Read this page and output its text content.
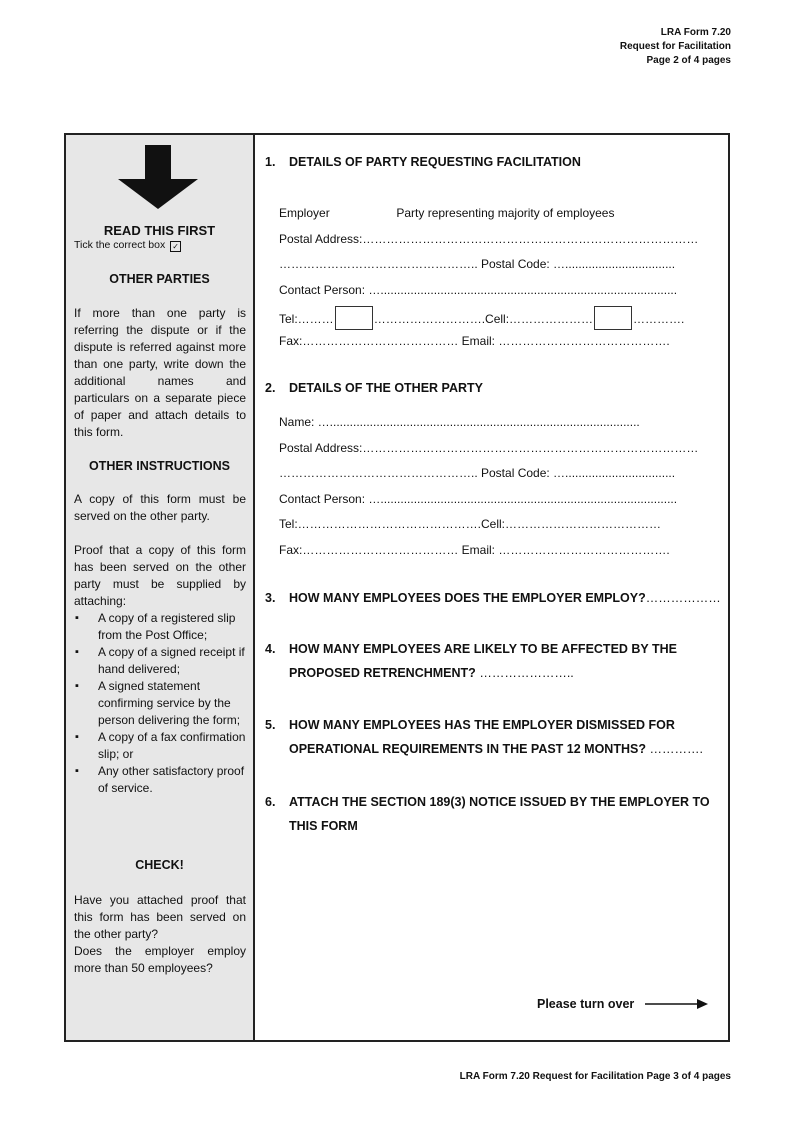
LRA Form 7.20
Request for Facilitation
Page 2 of 4 pages
READ THIS FIRST
Tick the correct box ✓
OTHER PARTIES
If more than one party is referring the dispute or if the dispute is referred against more than one party, write down the additional names and particulars on a separate piece of paper and attach details to this form.
OTHER INSTRUCTIONS
A copy of this form must be served on the other party.
Proof that a copy of this form has been served on the other party must be supplied by attaching:
▪ A copy of a registered slip from the Post Office;
▪ A copy of a signed receipt if hand delivered;
▪ A signed statement confirming service by the person delivering the form;
▪ A copy of a fax confirmation slip; or
▪ Any other satisfactory proof of service.
CHECK!
Have you attached proof that this form has been served on the other party?
Does the employer employ more than 50 employees?
1. DETAILS OF PARTY REQUESTING FACILITATION
Employer	Party representing majority of employees
Postal Address:…………………………………………………………………………
………………………………………….. Postal Code: ….................................
Contact Person: ….........................................................................................
Tel:………	……………………….Cell:…………………	………….
Fax:………………………………… Email: …………………………………….
2. DETAILS OF THE OTHER PARTY
Name: ….............................................................................................
Postal Address:…………………………………………………………………………
………………………………………….. Postal Code: ….................................
Contact Person: ….........................................................................................
Tel:……………………………………….Cell:…………………………………
Fax:………………………………… Email: …………………………………….
3. HOW MANY EMPLOYEES DOES THE EMPLOYER EMPLOY?………………
4. HOW MANY EMPLOYEES ARE LIKELY TO BE AFFECTED BY THE
PROPOSED RETRENCHMENT? …………………..
5. HOW MANY EMPLOYEES HAS THE EMPLOYER DISMISSED FOR
OPERATIONAL REQUIREMENTS IN THE PAST 12 MONTHS? ………….
6. ATTACH THE SECTION 189(3) NOTICE ISSUED BY THE EMPLOYER TO
THIS FORM
Please turn over
LRA Form 7.20 Request for Facilitation Page 3 of 4 pages
